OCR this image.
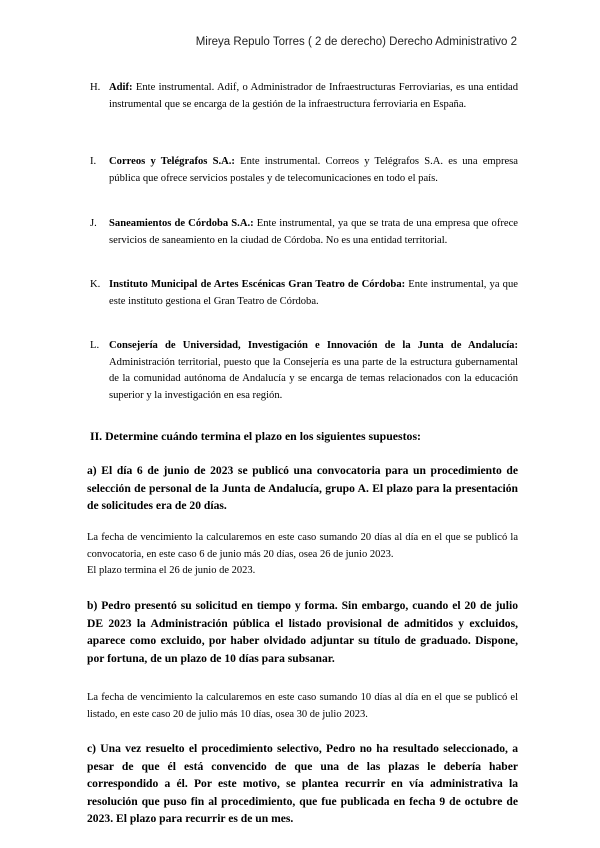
Mireya Repulo Torres ( 2 de derecho) Derecho Administrativo 2
H. Adif: Ente instrumental. Adif, o Administrador de Infraestructuras Ferroviarias, es una entidad instrumental que se encarga de la gestión de la infraestructura ferroviaria en España.
I. Correos y Telégrafos S.A.: Ente instrumental. Correos y Telégrafos S.A. es una empresa pública que ofrece servicios postales y de telecomunicaciones en todo el país.
J. Saneamientos de Córdoba S.A.: Ente instrumental, ya que se trata de una empresa que ofrece servicios de saneamiento en la ciudad de Córdoba. No es una entidad territorial.
K. Instituto Municipal de Artes Escénicas Gran Teatro de Córdoba: Ente instrumental, ya que este instituto gestiona el Gran Teatro de Córdoba.
L. Consejería de Universidad, Investigación e Innovación de la Junta de Andalucía: Administración territorial, puesto que la Consejería es una parte de la estructura gubernamental de la comunidad autónoma de Andalucía y se encarga de temas relacionados con la educación superior y la investigación en esa región.
II. Determine cuándo termina el plazo en los siguientes supuestos:
a) El día 6 de junio de 2023 se publicó una convocatoria para un procedimiento de selección de personal de la Junta de Andalucía, grupo A. El plazo para la presentación de solicitudes era de 20 días.
La fecha de vencimiento la calcularemos en este caso sumando 20 días al día en el que se publicó la convocatoria, en este caso 6 de junio más 20 días, osea 26 de junio 2023.
El plazo termina el 26 de junio de 2023.
b) Pedro presentó su solicitud en tiempo y forma. Sin embargo, cuando el 20 de julio DE 2023 la Administración pública el listado provisional de admitidos y excluidos, aparece como excluido, por haber olvidado adjuntar su título de graduado. Dispone, por fortuna, de un plazo de 10 días para subsanar.
La fecha de vencimiento la calcularemos en este caso sumando 10 días al día en el que se publicó el listado, en este caso 20 de julio más 10 días, osea 30 de julio 2023.
c) Una vez resuelto el procedimiento selectivo, Pedro no ha resultado seleccionado, a pesar de que él está convencido de que una de las plazas le debería haber correspondido a él. Por este motivo, se plantea recurrir en vía administrativa la resolución que puso fin al procedimiento, que fue publicada en fecha 9 de octubre de 2023. El plazo para recurrir es de un mes.
